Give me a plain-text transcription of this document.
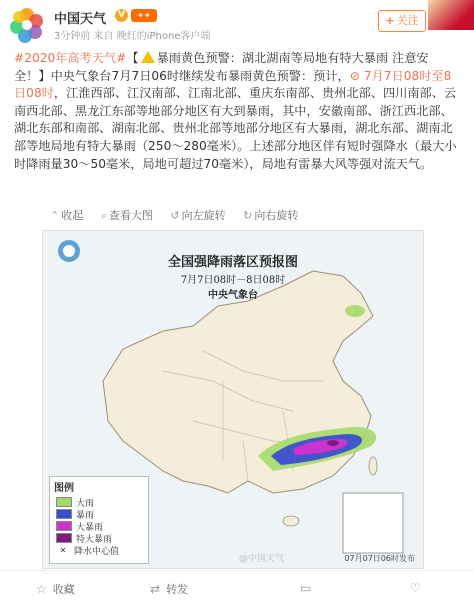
中国天气	V	✦✦
3分钟前 来自 晚红的iPhone客户端
+ 关注
#2020年高考天气#【 暴雨黄色预警：湖北湖南等局地有特大暴雨 注意安全！】中央气象台7月7日06时继续发布暴雨黄色预警：预计，⊘ 7月7日08时至8日08时，江淮西部、江汉南部、江南北部、重庆东南部、贵州北部、四川南部、云南西北部、黑龙江东部等地部分地区有大到暴雨，其中，安徽南部、浙江西北部、湖北东部和南部、湖南北部、贵州北部等地部分地区有大暴雨，湖北东部、湖南北部等地局地有特大暴雨（250～280毫米）。上述部分地区伴有短时强降水（最大小时降雨量30～50毫米，局地可超过70毫米），局地有雷暴大风等强对流天气。
⌃ 收起 ⌕ 查看大图 ↺ 向左旋转 ↻ 向右旋转
全国强降雨落区预报图
7月7日08时－8日08时
中央气象台
图例
大雨
暴雨
大暴雨
特大暴雨
✕ 降水中心值
@中国天气	07月07日06时发布
☆ 收藏	⇄ 转发	▭	♡
